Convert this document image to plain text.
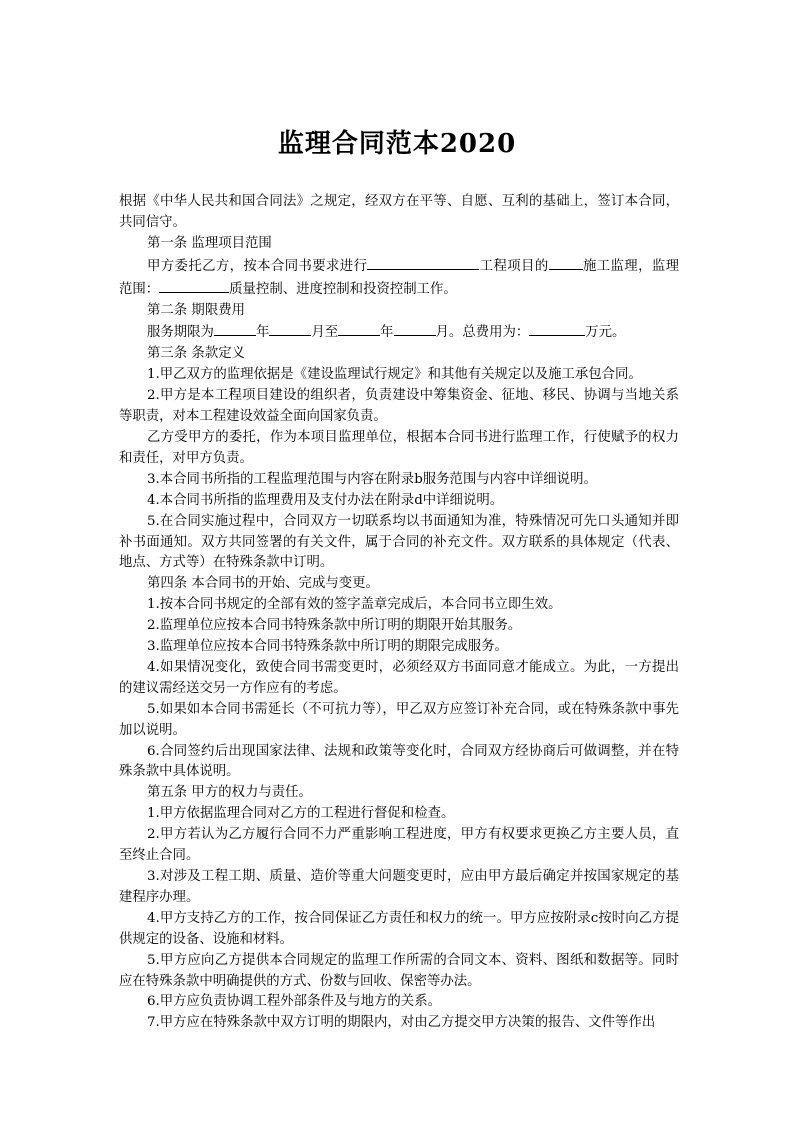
监理合同范本2020

根据《中华人民共和国合同法》之规定，经双方在平等、自愿、互利的基础上，签订本合同，共同信守。

第一条 监理项目范围

甲方委托乙方，按本合同书要求进行	工程项目的	施工监理，监理范围：	质量控制、进度控制和投资控制工作。

第二条 期限费用

服务期限为	年	月至	年	月。总费用为：	万元。

第三条 条款定义

1.甲乙双方的监理依据是《建设监理试行规定》和其他有关规定以及施工承包合同。

2.甲方是本工程项目建设的组织者，负责建设中筹集资金、征地、移民、协调与当地关系等职责，对本工程建设效益全面向国家负责。

乙方受甲方的委托，作为本项目监理单位，根据本合同书进行监理工作，行使赋予的权力和责任，对甲方负责。

3.本合同书所指的工程监理范围与内容在附录b服务范围与内容中详细说明。

4.本合同书所指的监理费用及支付办法在附录d中详细说明。

5.在合同实施过程中，合同双方一切联系均以书面通知为准，特殊情况可先口头通知并即补书面通知。双方共同签署的有关文件，属于合同的补充文件。双方联系的具体规定（代表、地点、方式等）在特殊条款中订明。

第四条 本合同书的开始、完成与变更。

1.按本合同书规定的全部有效的签字盖章完成后，本合同书立即生效。

2.监理单位应按本合同书特殊条款中所订明的期限开始其服务。

3.监理单位应按本合同书特殊条款中所订明的期限完成服务。

4.如果情况变化，致使合同书需变更时，必须经双方书面同意才能成立。为此，一方提出的建议需经送交另一方作应有的考虑。

5.如果如本合同书需延长（不可抗力等），甲乙双方应签订补充合同，或在特殊条款中事先加以说明。

6.合同签约后出现国家法律、法规和政策等变化时，合同双方经协商后可做调整，并在特殊条款中具体说明。

第五条 甲方的权力与责任。

1.甲方依据监理合同对乙方的工程进行督促和检查。

2.甲方若认为乙方履行合同不力严重影响工程进度，甲方有权要求更换乙方主要人员，直至终止合同。

3.对涉及工程工期、质量、造价等重大问题变更时，应由甲方最后确定并按国家规定的基建程序办理。

4.甲方支持乙方的工作，按合同保证乙方责任和权力的统一。甲方应按附录c按时向乙方提供规定的设备、设施和材料。

5.甲方应向乙方提供本合同规定的监理工作所需的合同文本、资料、图纸和数据等。同时应在特殊条款中明确提供的方式、份数与回收、保密等办法。

6.甲方应负责协调工程外部条件及与地方的关系。

7.甲方应在特殊条款中双方订明的期限内，对由乙方提交甲方决策的报告、文件等作出
